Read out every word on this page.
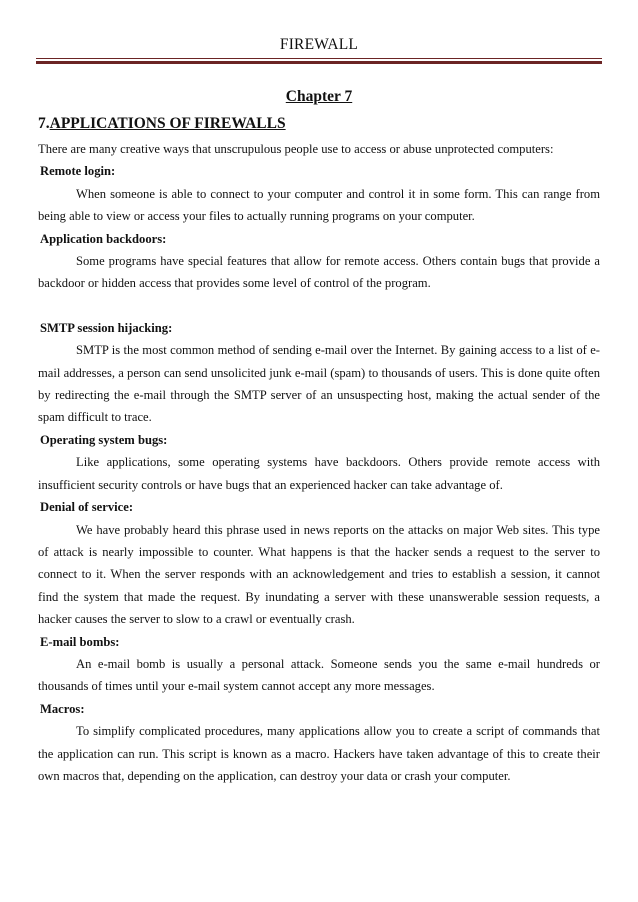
FIREWALL
Chapter 7
7.APPLICATIONS OF FIREWALLS

There are many creative ways that unscrupulous people use to access or abuse unprotected computers:

Remote login:

When someone is able to connect to your computer and control it in some form. This can range from being able to view or access your files to actually running programs on your computer.

Application backdoors:

Some programs have special features that allow for remote access. Others contain bugs that provide a backdoor or hidden access that provides some level of control of the program.

SMTP session hijacking:

SMTP is the most common method of sending e-mail over the Internet. By gaining access to a list of e-mail addresses, a person can send unsolicited junk e-mail (spam) to thousands of users. This is done quite often by redirecting the e-mail through the SMTP server of an unsuspecting host, making the actual sender of the spam difficult to trace.

Operating system bugs:

Like applications, some operating systems have backdoors. Others provide remote access with insufficient security controls or have bugs that an experienced hacker can take advantage of.

Denial of service:

We have probably heard this phrase used in news reports on the attacks on major Web sites. This type of attack is nearly impossible to counter. What happens is that the hacker sends a request to the server to connect to it. When the server responds with an acknowledgement and tries to establish a session, it cannot find the system that made the request. By inundating a server with these unanswerable session requests, a hacker causes the server to slow to a crawl or eventually crash.

E-mail bombs:

An e-mail bomb is usually a personal attack. Someone sends you the same e-mail hundreds or thousands of times until your e-mail system cannot accept any more messages.

Macros:

To simplify complicated procedures, many applications allow you to create a script of commands that the application can run. This script is known as a macro. Hackers have taken advantage of this to create their own macros that, depending on the application, can destroy your data or crash your computer.
